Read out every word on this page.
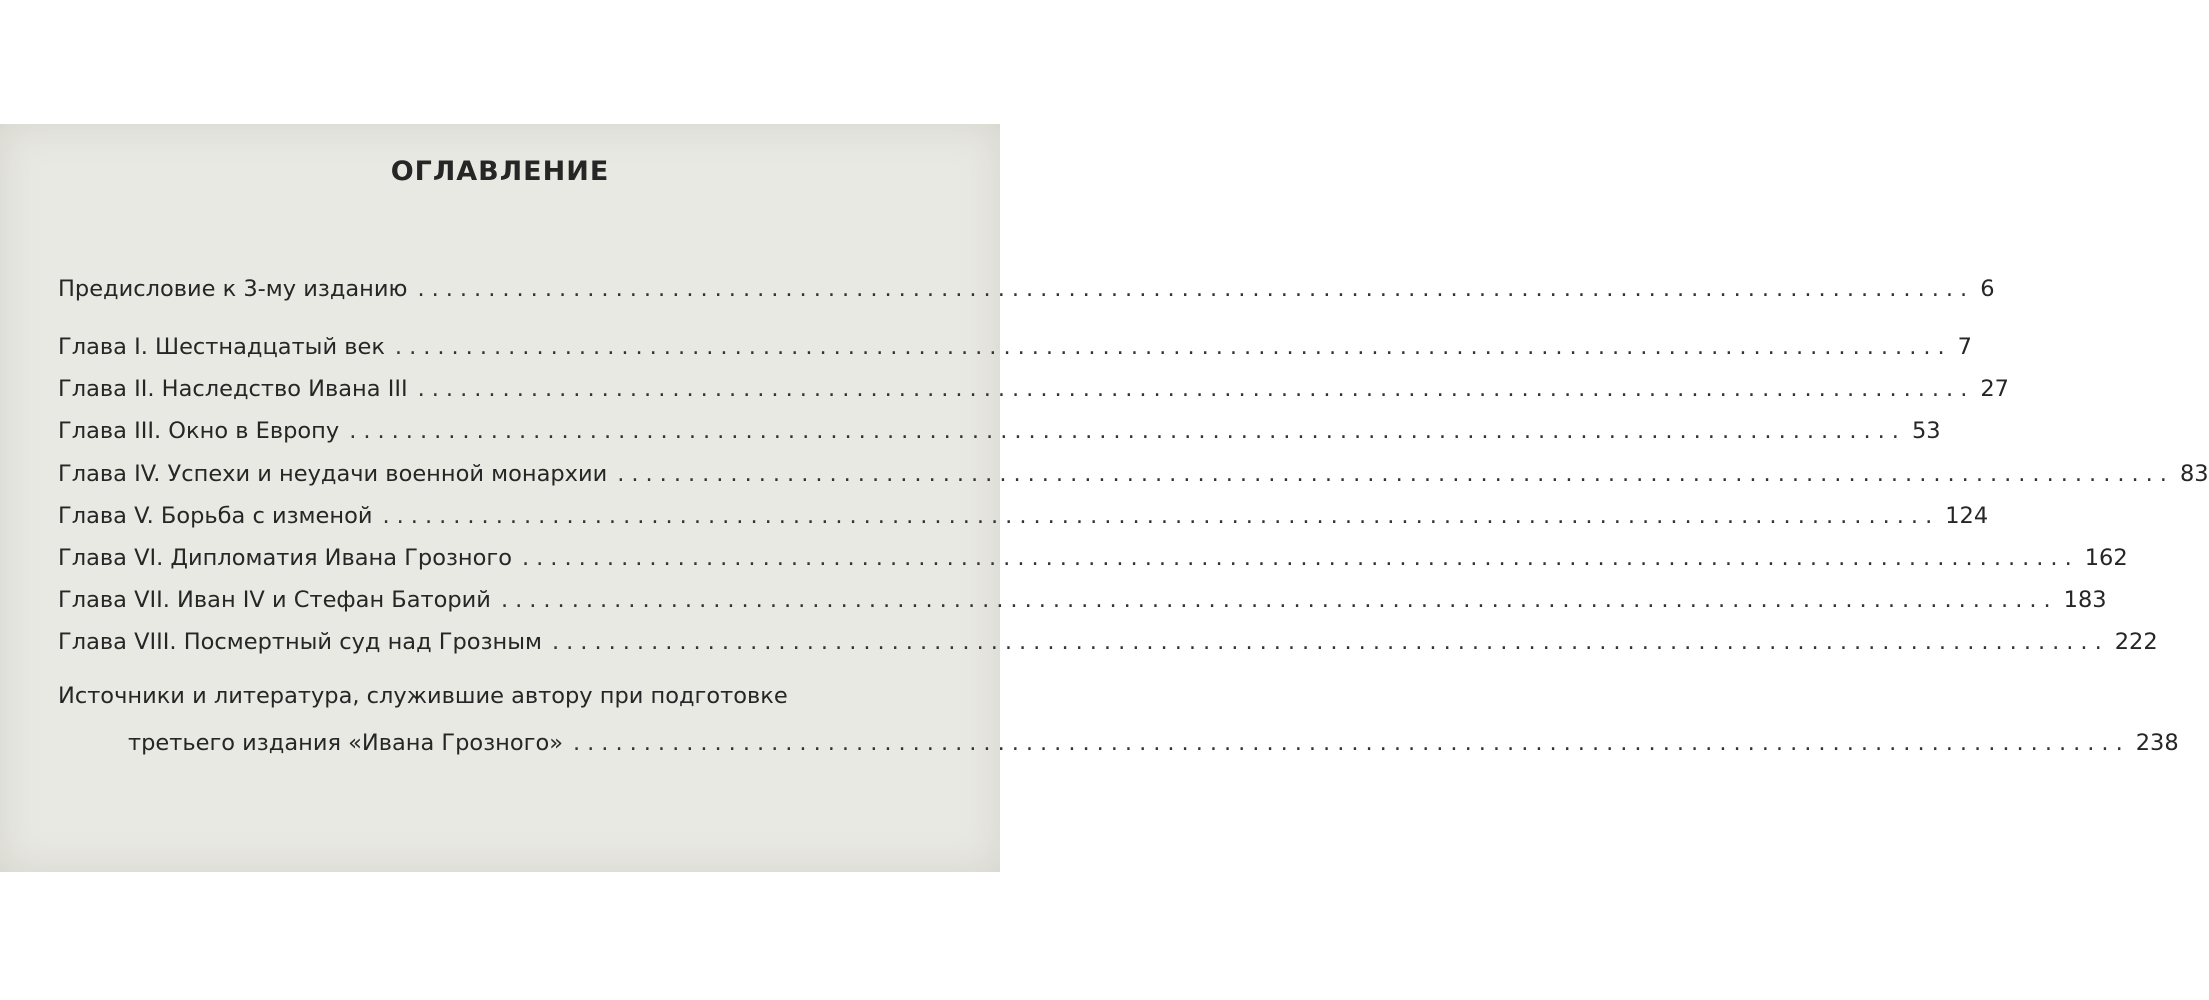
ОГЛАВЛЕНИЕ
Предисловие к 3-му изданию .............................................................................................................. 6
Глава I. Шестнадцатый век .............................................................................................................. 7
Глава II. Наследство Ивана III .............................................................................................................. 27
Глава III. Окно в Европу .............................................................................................................. 53
Глава IV. Успехи и неудачи военной монархии .............................................................................................................. 83
Глава V. Борьба с изменой .............................................................................................................. 124
Глава VI. Дипломатия Ивана Грозного .............................................................................................................. 162
Глава VII. Иван IV и Стефан Баторий .............................................................................................................. 183
Глава VIII. Посмертный суд над Грозным .............................................................................................................. 222
Источники и литература, служившие автору при подготовке
третьего издания «Ивана Грозного» .............................................................................................................. 238
